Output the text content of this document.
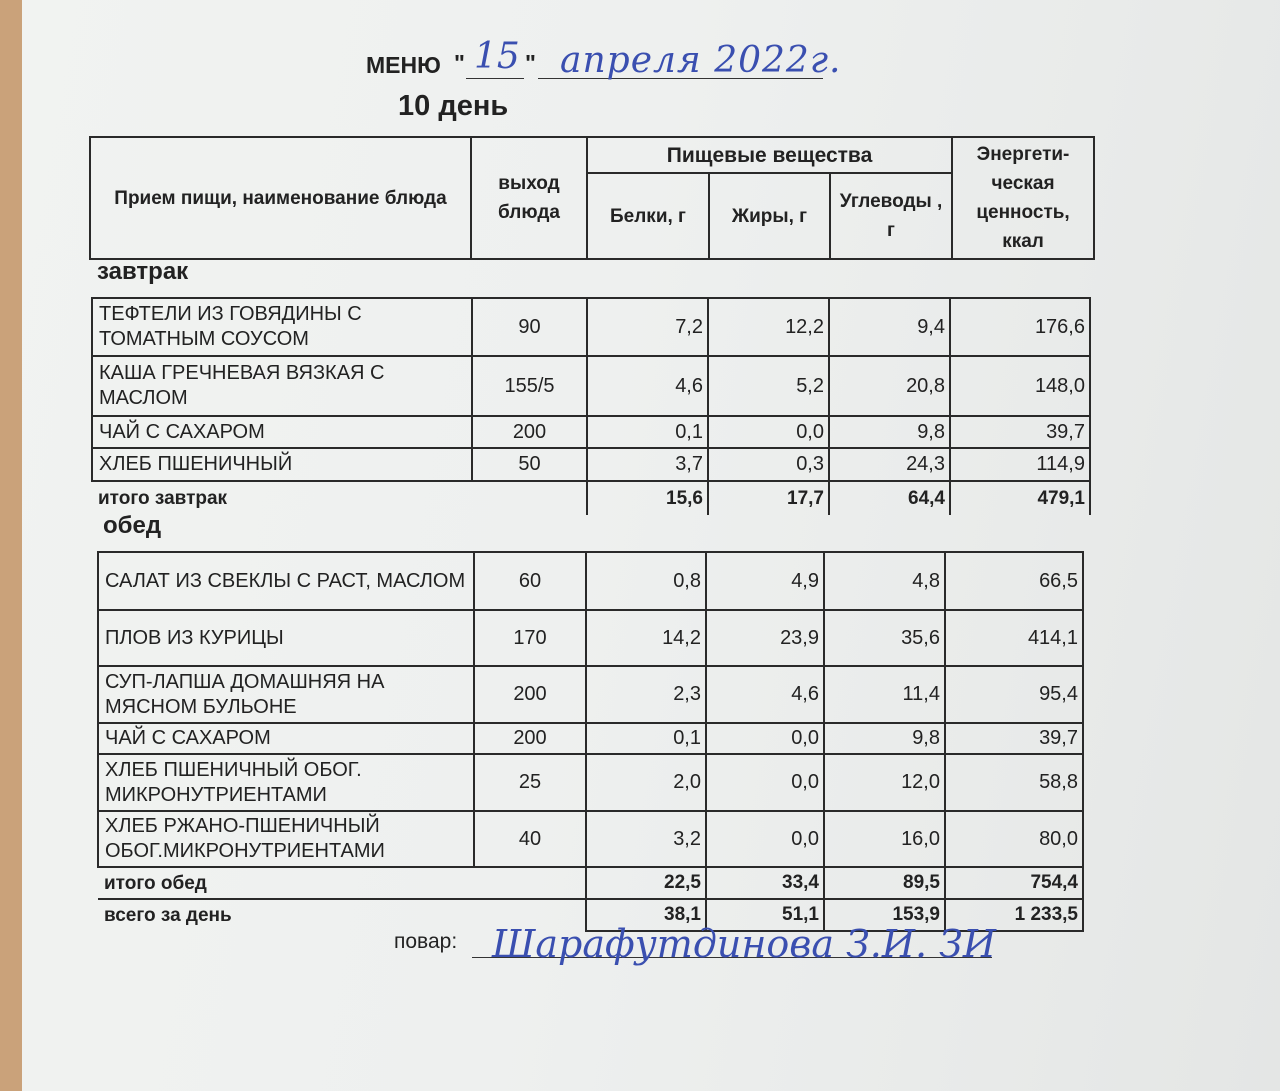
МЕНЮ " 15 " апреля 2022г.
10 день
Прием пищи, наименование блюда	выход блюда	Пищевые вещества			Энергети-ческая ценность, ккал
		Белки, г	Жиры, г	Углеводы , г	
завтрак
ТЕФТЕЛИ ИЗ ГОВЯДИНЫ С ТОМАТНЫМ СОУСОМ	90	7,2	12,2	9,4	176,6
КАША ГРЕЧНЕВАЯ ВЯЗКАЯ С МАСЛОМ	155/5	4,6	5,2	20,8	148,0
ЧАЙ С САХАРОМ	200	0,1	0,0	9,8	39,7
ХЛЕБ ПШЕНИЧНЫЙ	50	3,7	0,3	24,3	114,9
итого завтрак		15,6	17,7	64,4	479,1
обед
САЛАТ ИЗ СВЕКЛЫ С РАСТ, МАСЛОМ	60	0,8	4,9	4,8	66,5
ПЛОВ ИЗ КУРИЦЫ	170	14,2	23,9	35,6	414,1
СУП-ЛАПША ДОМАШНЯЯ НА МЯСНОМ БУЛЬОНЕ	200	2,3	4,6	11,4	95,4
ЧАЙ С САХАРОМ	200	0,1	0,0	9,8	39,7
ХЛЕБ ПШЕНИЧНЫЙ ОБОГ. МИКРОНУТРИЕНТАМИ	25	2,0	0,0	12,0	58,8
ХЛЕБ РЖАНО-ПШЕНИЧНЫЙ ОБОГ.МИКРОНУТРИЕНТАМИ	40	3,2	0,0	16,0	80,0
итого обед		22,5	33,4	89,5	754,4
всего за день		38,1	51,1	153,9	1 233,5
повар: Шарафутдинова З.И. ЗИ
